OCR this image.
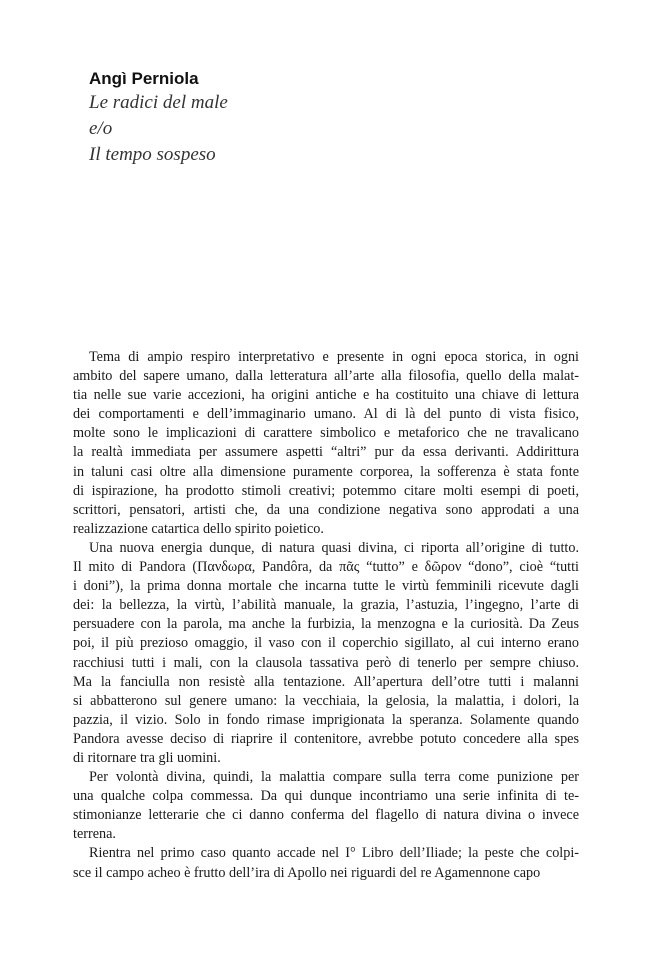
Angì Perniola
Le radici del male
e/o
Il tempo sospeso
Tema di ampio respiro interpretativo e presente in ogni epoca storica, in ogni
ambito del sapere umano, dalla letteratura all’arte alla filosofia, quello della malat-
tia nelle sue varie accezioni, ha origini antiche e ha costituito una chiave di lettura
dei comportamenti e dell’immaginario umano. Al di là del punto di vista fisico,
molte sono le implicazioni di carattere simbolico e metaforico che ne travalicano
la realtà immediata per assumere aspetti “altri” pur da essa derivanti. Addirittura
in taluni casi oltre alla dimensione puramente corporea, la sofferenza è stata fonte
di ispirazione, ha prodotto stimoli creativi; potemmo citare molti esempi di poeti,
scrittori, pensatori, artisti che, da una condizione negativa sono approdati a una
realizzazione catartica dello spirito poietico.
Una nuova energia dunque, di natura quasi divina, ci riporta all’origine di tutto.
Il mito di Pandora (Πανδωρα, Pandôra, da πᾶς “tutto” e δῶρον “dono”, cioè “tutti
i doni”), la prima donna mortale che incarna tutte le virtù femminili ricevute dagli
dei: la bellezza, la virtù, l’abilità manuale, la grazia, l’astuzia, l’ingegno, l’arte di
persuadere con la parola, ma anche la furbizia, la menzogna e la curiosità. Da Zeus
poi, il più prezioso omaggio, il vaso con il coperchio sigillato, al cui interno erano
racchiusi tutti i mali, con la clausola tassativa però di tenerlo per sempre chiuso.
Ma la fanciulla non resistè alla tentazione. All’apertura dell’otre tutti i malanni
si abbatterono sul genere umano: la vecchiaia, la gelosia, la malattia, i dolori, la
pazzia, il vizio. Solo in fondo rimase imprigionata la speranza. Solamente quando
Pandora avesse deciso di riaprire il contenitore, avrebbe potuto concedere alla spes
di ritornare tra gli uomini.
Per volontà divina, quindi, la malattia compare sulla terra come punizione per
una qualche colpa commessa. Da qui dunque incontriamo una serie infinita di te-
stimonianze letterarie che ci danno conferma del flagello di natura divina o invece
terrena.
Rientra nel primo caso quanto accade nel I° Libro dell’Iliade; la peste che colpi-
sce il campo acheo è frutto dell’ira di Apollo nei riguardi del re Agamennone capo
